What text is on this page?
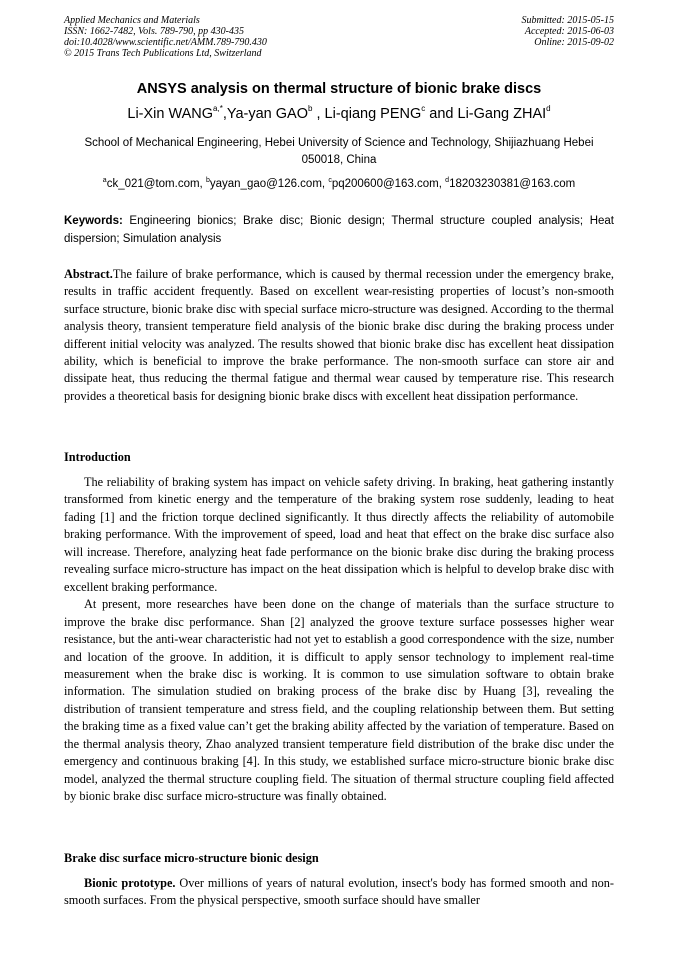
Applied Mechanics and Materials
ISSN: 1662-7482, Vols. 789-790, pp 430-435
doi:10.4028/www.scientific.net/AMM.789-790.430
© 2015 Trans Tech Publications Ltd, Switzerland
Submitted: 2015-05-15
Accepted: 2015-06-03
Online: 2015-09-02
ANSYS analysis on thermal structure of bionic brake discs
Li-Xin $WANG^{a,*},Ya$-yan GAO$^b$ , Li-qiang PENG$^c$ and Li-Gang ZHAI$^d$
School of Mechanical Engineering, Hebei University of Science and Technology, Shijiazhuang Hebei 050018, China
$^a$ck_021@tom.com, $^b$yayan_gao@126.com, $^c$pq200600@163.com, $^d$18203230381@163.com
Keywords: Engineering bionics; Brake disc; Bionic design; Thermal structure coupled analysis; Heat dispersion; Simulation analysis
Abstract.The failure of brake performance, which is caused by thermal recession under the emergency brake, results in traffic accident frequently. Based on excellent wear-resisting properties of locust’s non-smooth surface structure, bionic brake disc with special surface micro-structure was designed. According to the thermal analysis theory, transient temperature field analysis of the bionic brake disc during the braking process under different initial velocity was analyzed. The results showed that bionic brake disc has excellent heat dissipation ability, which is beneficial to improve the brake performance. The non-smooth surface can store air and dissipate heat, thus reducing the thermal fatigue and thermal wear caused by temperature rise. This research provides a theoretical basis for designing bionic brake discs with excellent heat dissipation performance.
Introduction

The reliability of braking system has impact on vehicle safety driving. In braking, heat gathering instantly transformed from kinetic energy and the temperature of the braking system rose suddenly, leading to heat fading [1] and the friction torque declined significantly. It thus directly affects the reliability of automobile braking performance. With the improvement of speed, load and heat that effect on the brake disc surface also will increase. Therefore, analyzing heat fade performance on the bionic brake disc during the braking process revealing surface micro-structure has impact on the heat dissipation which is helpful to develop brake disc with excellent braking performance.

At present, more researches have been done on the change of materials than the surface structure to improve the brake disc performance. Shan [2] analyzed the groove texture surface possesses higher wear resistance, but the anti-wear characteristic had not yet to establish a good correspondence with the size, number and location of the groove. In addition, it is difficult to apply sensor technology to implement real-time measurement when the brake disc is working. It is common to use simulation software to obtain brake information. The simulation studied on braking process of the brake disc by Huang [3], revealing the distribution of transient temperature and stress field, and the coupling relationship between them. But setting the braking time as a fixed value can’t get the braking ability affected by the variation of temperature. Based on the thermal analysis theory, Zhao analyzed transient temperature field distribution of the brake disc under the emergency and continuous braking [4]. In this study, we established surface micro-structure bionic brake disc model, analyzed the thermal structure coupling field. The situation of thermal structure coupling field affected by bionic brake disc surface micro-structure was finally obtained.

Brake disc surface micro-structure bionic design

Bionic prototype. Over millions of years of natural evolution, insect's body has formed smooth and non-smooth surfaces. From the physical perspective, smooth surface should have smaller
